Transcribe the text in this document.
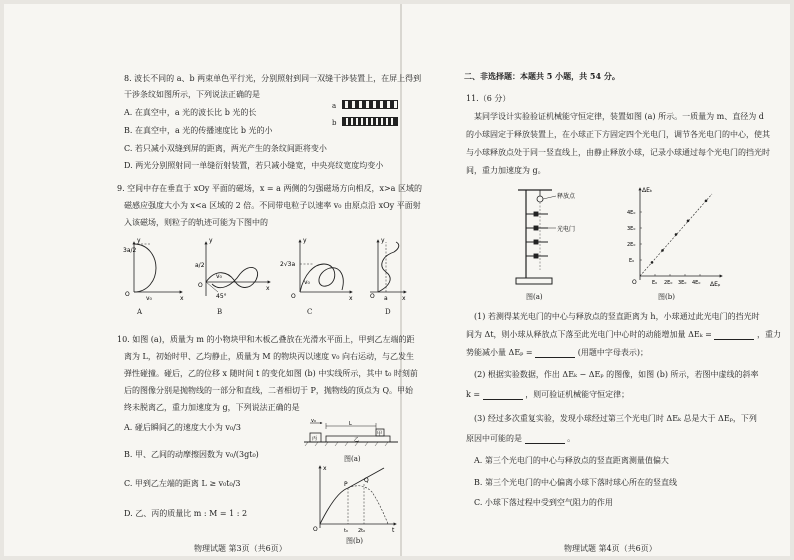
8. 波长不同的 a、b 两束单色平行光，分别照射到同一双缝干涉装置上，在屏上得到
干涉条纹如图所示，下列说法正确的是
A. 在真空中，a 光的波长比 b 光的长
B. 在真空中，a 光的传播速度比 b 光的小
C. 若只减小双缝到屏的距离，两光产生的条纹间距将变小
D. 两光分别照射同一单缝衍射装置，若只减小缝宽，中央亮纹宽度均变小
a
b
9. 空间中存在垂直于 xOy 平面的磁场，x = a 两侧的匀强磁场方向相反，x>a 区域的
磁感应强度大小为 x<a 区域的 2 倍。不同带电粒子以速率 v₀ 由原点沿 xOy 平面射
入该磁场，则粒子的轨迹可能为下图中的
3a/2
O
v₀	x
y
a/2
O
v₀
45°
x
y
2√3a
O
v₀
x
y
O a x
y
A	B	C	D
10. 如图 (a)，质量为 m 的小物块甲和木板乙叠放在光滑水平面上，甲到乙左端的距
离为 L，初始时甲、乙均静止，质量为 M 的物块丙以速度 v₀ 向右运动，与乙发生
弹性碰撞。碰后，乙的位移 x 随时间 t 的变化如图 (b) 中实线所示，其中 t₀ 时刻前
后的图像分别是抛物线的一部分和直线，二者相切于 P，抛物线的顶点为 Q。甲始
终未脱离乙，重力加速度为 g，下列说法正确的是
A. 碰后瞬间乙的速度大小为 v₀/3
B. 甲、乙间的动摩擦因数为 v₀/(3gt₀)
C. 甲到乙左端的距离 L ≥ v₀t₀/3
D. 乙、丙的质量比 m : M = 1 : 2
v₀	L
丙	乙
甲
图(a)
P
Q
O	t₀ 2t₀	t
x
图(b)
物理试题 第3页（共6页）
二、非选择题：本题共 5 小题，共 54 分。
11.（6 分）
某同学设计实验验证机械能守恒定律，装置如图 (a) 所示。一质量为 m、直径为 d
的小球固定于释放装置上，在小球正下方固定四个光电门，调节各光电门的中心，使其
与小球释放点处于同一竖直线上，由静止释放小球，记录小球通过每个光电门的挡光时
间，重力加速度为 g。
释放点
光电门
图(a)
ΔEₖ
ΔEₚ
O
4E₀
3E₀
2E₀
E₀
E₀ 2E₀ 3E₀ 4E₀
图(b)
(1) 若测得某光电门的中心与释放点的竖直距离为 h，小球通过此光电门的挡光时
间为 Δt，则小球从释放点下落至此光电门中心时的动能增加量 ΔEₖ =	，重力
势能减小量 ΔEₚ =	(用题中字母表示)；
(2) 根据实验数据，作出 ΔEₖ − ΔEₚ 的图像，如图 (b) 所示，若图中虚线的斜率
k =	，则可验证机械能守恒定律；
(3) 经过多次重复实验，发现小球经过第三个光电门时 ΔEₖ 总是大于 ΔEₚ，下列
原因中可能的是	。
A. 第三个光电门的中心与释放点的竖直距离测量值偏大
B. 第三个光电门的中心偏离小球下落时球心所在的竖直线
C. 小球下落过程中受到空气阻力的作用
物理试题 第4页（共6页）
